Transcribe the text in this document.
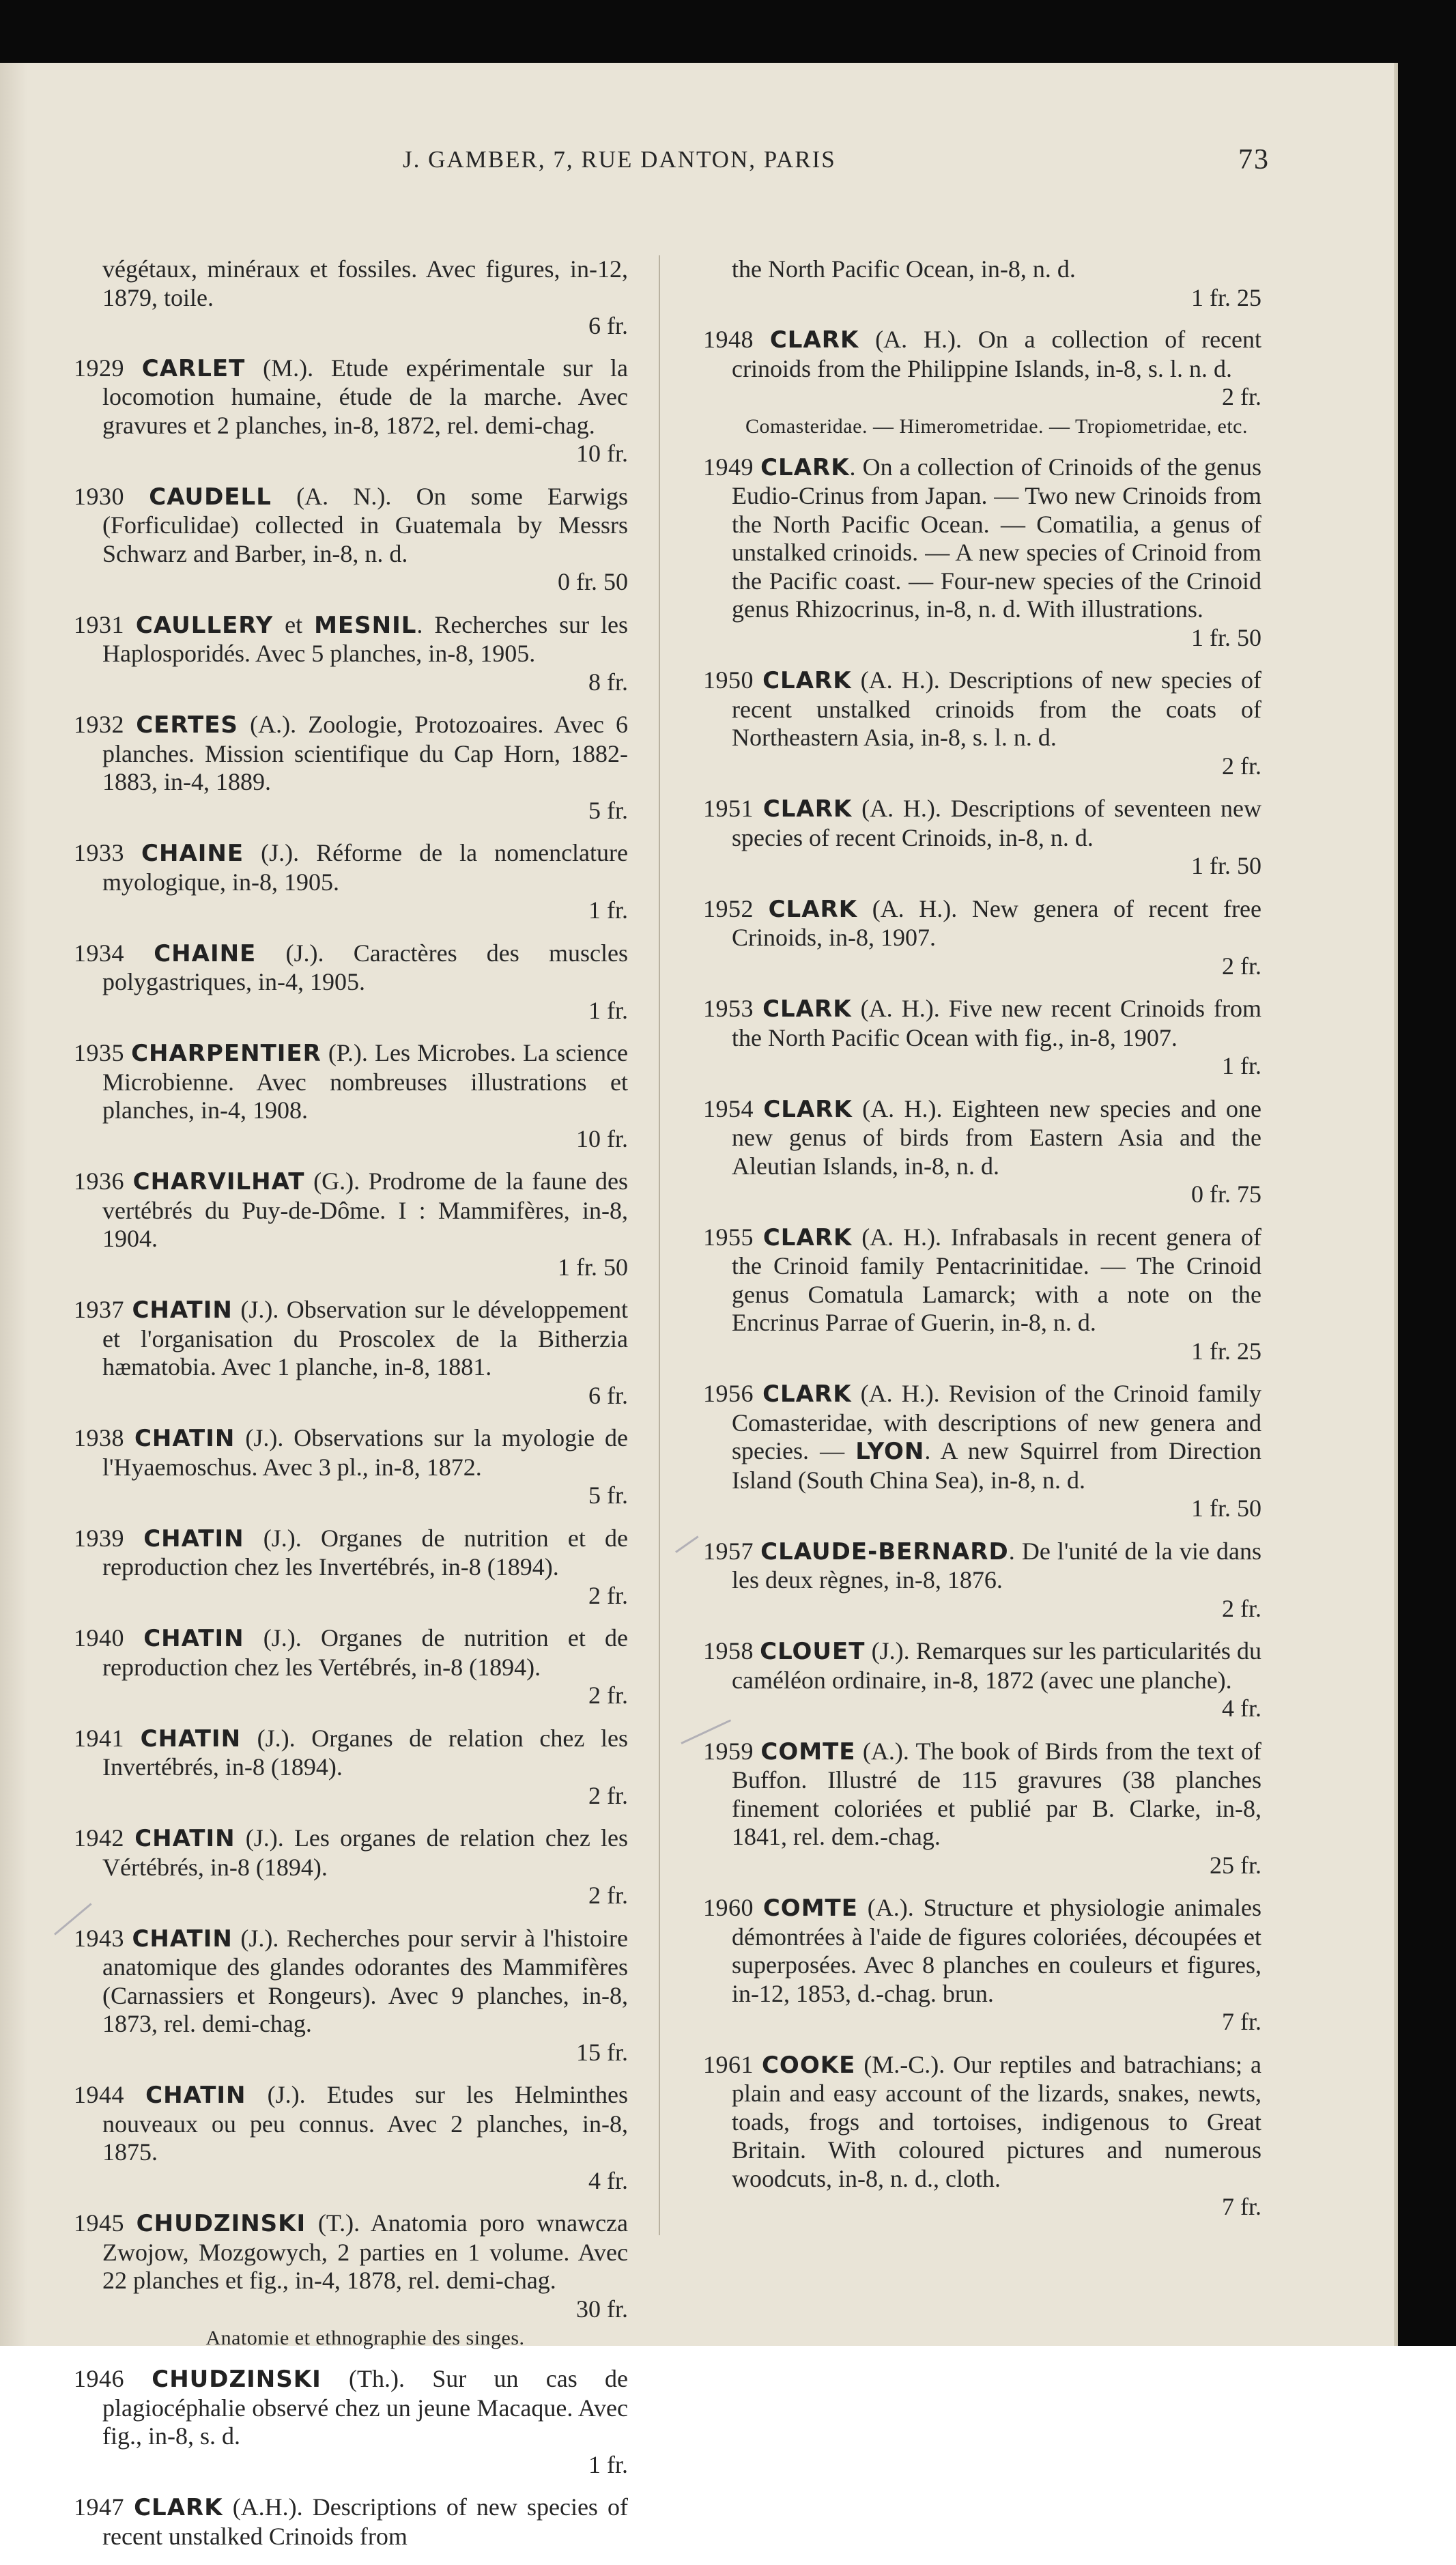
J. GAMBER, 7, RUE DANTON, PARIS	73
végétaux, minéraux et fossiles. Avec figures, in-12, 1879, toile.
6 fr.

1929 CARLET (M.). Etude expérimentale sur la locomotion humaine, étude de la marche. Avec gravures et 2 planches, in-8, 1872, rel. demi-chag.
10 fr.

1930 CAUDELL (A. N.). On some Earwigs (Forficulidae) collected in Guatemala by Messrs Schwarz and Barber, in-8, n. d.
0 fr. 50

1931 CAULLERY et MESNIL. Recherches sur les Haplosporidés. Avec 5 planches, in-8, 1905.
8 fr.

1932 CERTES (A.). Zoologie, Protozoaires. Avec 6 planches. Mission scientifique du Cap Horn, 1882-1883, in-4, 1889.
5 fr.

1933 CHAINE (J.). Réforme de la nomenclature myologique, in-8, 1905.
1 fr.

1934 CHAINE (J.). Caractères des muscles polygastriques, in-4, 1905.
1 fr.

1935 CHARPENTIER (P.). Les Microbes. La science Microbienne. Avec nombreuses illustrations et planches, in-4, 1908.
10 fr.

1936 CHARVILHAT (G.). Prodrome de la faune des vertébrés du Puy-de-Dôme. I : Mammifères, in-8, 1904.
1 fr. 50

1937 CHATIN (J.). Observation sur le développement et l'organisation du Proscolex de la Bitherzia hæmatobia. Avec 1 planche, in-8, 1881.
6 fr.

1938 CHATIN (J.). Observations sur la myologie de l'Hyaemoschus. Avec 3 pl., in-8, 1872.
5 fr.

1939 CHATIN (J.). Organes de nutrition et de reproduction chez les Invertébrés, in-8 (1894).
2 fr.

1940 CHATIN (J.). Organes de nutrition et de reproduction chez les Vertébrés, in-8 (1894).
2 fr.

1941 CHATIN (J.). Organes de relation chez les Invertébrés, in-8 (1894).
2 fr.

1942 CHATIN (J.). Les organes de relation chez les Vértébrés, in-8 (1894).
2 fr.

1943 CHATIN (J.). Recherches pour servir à l'histoire anatomique des glandes odorantes des Mammifères (Carnassiers et Rongeurs). Avec 9 planches, in-8, 1873, rel. demi-chag.
15 fr.

1944 CHATIN (J.). Etudes sur les Helminthes nouveaux ou peu connus. Avec 2 planches, in-8, 1875.
4 fr.

1945 CHUDZINSKI (T.). Anatomia poro wnawcza Zwojow, Mozgowych, 2 parties en 1 volume. Avec 22 planches et fig., in-4, 1878, rel. demi-chag.
30 fr.
Anatomie et ethnographie des singes.

1946 CHUDZINSKI (Th.). Sur un cas de plagiocéphalie observé chez un jeune Macaque. Avec fig., in-8, s. d.
1 fr.

1947 CLARK (A.H.). Descriptions of new species of recent unstalked Crinoids from

the North Pacific Ocean, in-8, n. d.
1 fr. 25

1948 CLARK (A. H.). On a collection of recent crinoids from the Philippine Islands, in-8, s. l. n. d.
2 fr.
Comasteridae. — Himerometridae. — Tropiometridae, etc.

1949 CLARK. On a collection of Crinoids of the genus Eudio-Crinus from Japan. — Two new Crinoids from the North Pacific Ocean. — Comatilia, a genus of unstalked crinoids. — A new species of Crinoid from the Pacific coast. — Four-new species of the Crinoid genus Rhizocrinus, in-8, n. d. With illustrations.
1 fr. 50

1950 CLARK (A. H.). Descriptions of new species of recent unstalked crinoids from the coats of Northeastern Asia, in-8, s. l. n. d.
2 fr.

1951 CLARK (A. H.). Descriptions of seventeen new species of recent Crinoids, in-8, n. d.
1 fr. 50

1952 CLARK (A. H.). New genera of recent free Crinoids, in-8, 1907.
2 fr.

1953 CLARK (A. H.). Five new recent Crinoids from the North Pacific Ocean with fig., in-8, 1907.
1 fr.

1954 CLARK (A. H.). Eighteen new species and one new genus of birds from Eastern Asia and the Aleutian Islands, in-8, n. d.
0 fr. 75

1955 CLARK (A. H.). Infrabasals in recent genera of the Crinoid family Pentacrinitidae. — The Crinoid genus Comatula Lamarck; with a note on the Encrinus Parrae of Guerin, in-8, n. d.
1 fr. 25

1956 CLARK (A. H.). Revision of the Crinoid family Comasteridae, with descriptions of new genera and species. — LYON. A new Squirrel from Direction Island (South China Sea), in-8, n. d.
1 fr. 50

1957 CLAUDE-BERNARD. De l'unité de la vie dans les deux règnes, in-8, 1876.
2 fr.

1958 CLOUET (J.). Remarques sur les particularités du caméléon ordinaire, in-8, 1872 (avec une planche).
4 fr.

1959 COMTE (A.). The book of Birds from the text of Buffon. Illustré de 115 gravures (38 planches finement coloriées et publié par B. Clarke, in-8, 1841, rel. dem.-chag.
25 fr.

1960 COMTE (A.). Structure et physiologie animales démontrées à l'aide de figures coloriées, découpées et superposées. Avec 8 planches en couleurs et figures, in-12, 1853, d.-chag. brun.
7 fr.

1961 COOKE (M.-C.). Our reptiles and batrachians; a plain and easy account of the lizards, snakes, newts, toads, frogs and tortoises, indigenous to Great Britain. With coloured pictures and numerous woodcuts, in-8, n. d., cloth.
7 fr.
